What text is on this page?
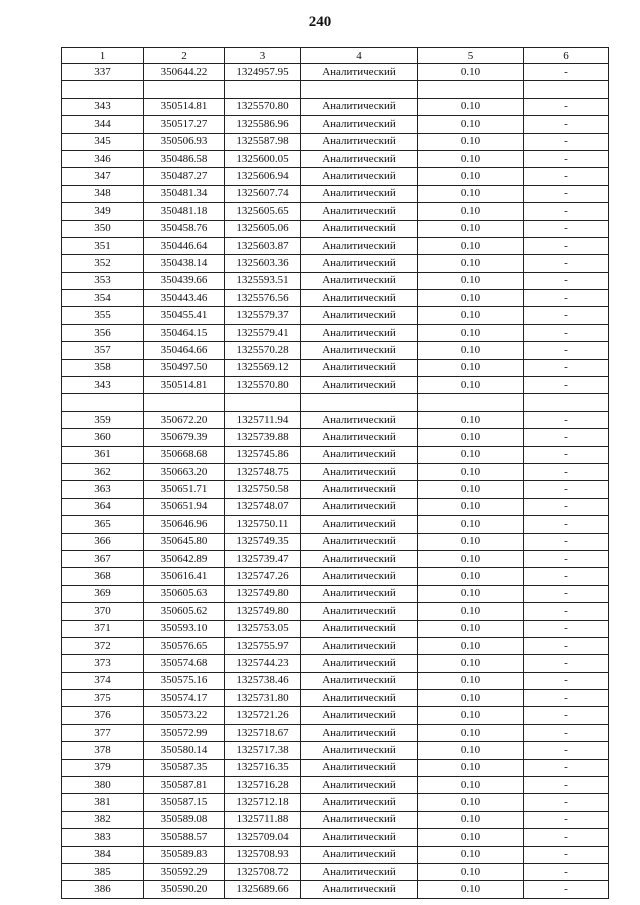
240
1	2	3	4	5	6
337	350644.22	1324957.95	Аналитический	0.10	-

343	350514.81	1325570.80	Аналитический	0.10	-
344	350517.27	1325586.96	Аналитический	0.10	-
345	350506.93	1325587.98	Аналитический	0.10	-
346	350486.58	1325600.05	Аналитический	0.10	-
347	350487.27	1325606.94	Аналитический	0.10	-
348	350481.34	1325607.74	Аналитический	0.10	-
349	350481.18	1325605.65	Аналитический	0.10	-
350	350458.76	1325605.06	Аналитический	0.10	-
351	350446.64	1325603.87	Аналитический	0.10	-
352	350438.14	1325603.36	Аналитический	0.10	-
353	350439.66	1325593.51	Аналитический	0.10	-
354	350443.46	1325576.56	Аналитический	0.10	-
355	350455.41	1325579.37	Аналитический	0.10	-
356	350464.15	1325579.41	Аналитический	0.10	-
357	350464.66	1325570.28	Аналитический	0.10	-
358	350497.50	1325569.12	Аналитический	0.10	-
343	350514.81	1325570.80	Аналитический	0.10	-

359	350672.20	1325711.94	Аналитический	0.10	-
360	350679.39	1325739.88	Аналитический	0.10	-
361	350668.68	1325745.86	Аналитический	0.10	-
362	350663.20	1325748.75	Аналитический	0.10	-
363	350651.71	1325750.58	Аналитический	0.10	-
364	350651.94	1325748.07	Аналитический	0.10	-
365	350646.96	1325750.11	Аналитический	0.10	-
366	350645.80	1325749.35	Аналитический	0.10	-
367	350642.89	1325739.47	Аналитический	0.10	-
368	350616.41	1325747.26	Аналитический	0.10	-
369	350605.63	1325749.80	Аналитический	0.10	-
370	350605.62	1325749.80	Аналитический	0.10	-
371	350593.10	1325753.05	Аналитический	0.10	-
372	350576.65	1325755.97	Аналитический	0.10	-
373	350574.68	1325744.23	Аналитический	0.10	-
374	350575.16	1325738.46	Аналитический	0.10	-
375	350574.17	1325731.80	Аналитический	0.10	-
376	350573.22	1325721.26	Аналитический	0.10	-
377	350572.99	1325718.67	Аналитический	0.10	-
378	350580.14	1325717.38	Аналитический	0.10	-
379	350587.35	1325716.35	Аналитический	0.10	-
380	350587.81	1325716.28	Аналитический	0.10	-
381	350587.15	1325712.18	Аналитический	0.10	-
382	350589.08	1325711.88	Аналитический	0.10	-
383	350588.57	1325709.04	Аналитический	0.10	-
384	350589.83	1325708.93	Аналитический	0.10	-
385	350592.29	1325708.72	Аналитический	0.10	-
386	350590.20	1325689.66	Аналитический	0.10	-
